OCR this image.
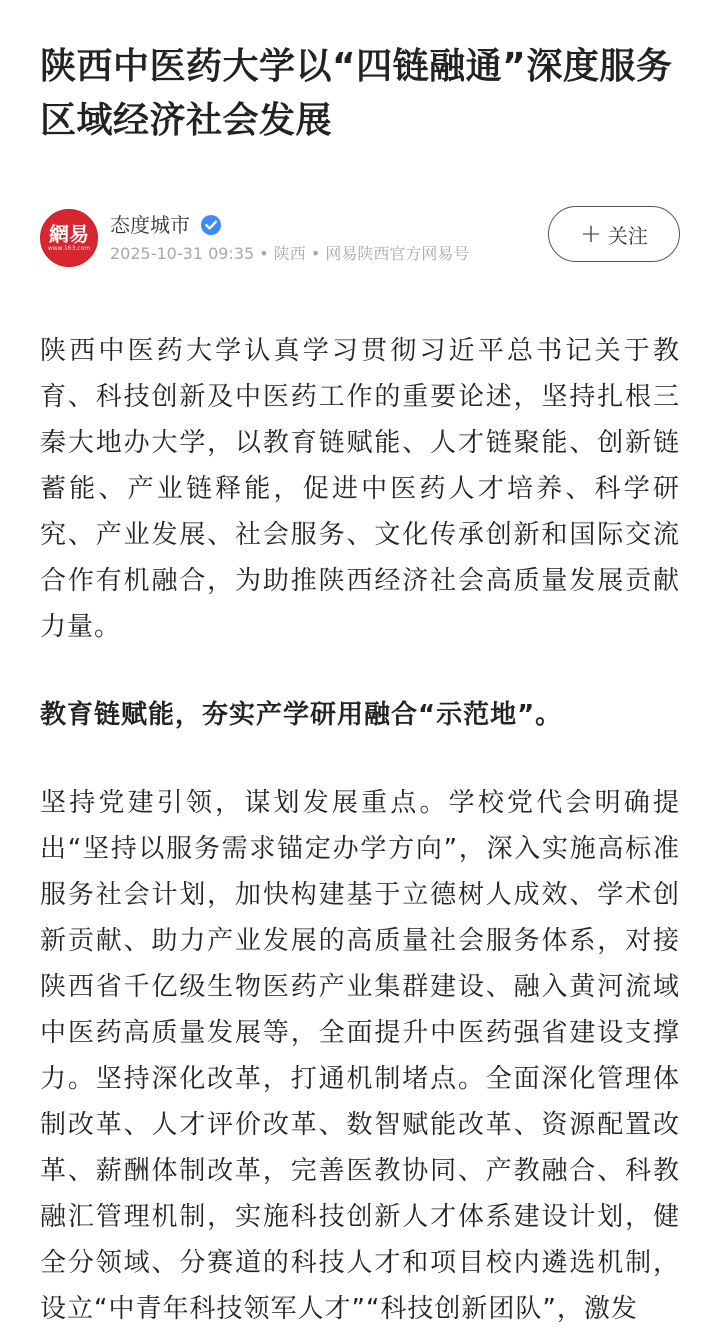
陕西中医药大学以“四链融通”深度服务区域经济社会发展
網易
www.163.com
态度城市
2025-10-31 09:35 • 陕西 • 网易陕西官方网易号
+ 关注

陕西中医药大学认真学习贯彻习近平总书记关于教育、科技创新及中医药工作的重要论述，坚持扎根三秦大地办大学，以教育链赋能、人才链聚能、创新链蓄能、产业链释能，促进中医药人才培养、科学研究、产业发展、社会服务、文化传承创新和国际交流合作有机融合，为助推陕西经济社会高质量发展贡献力量。

教育链赋能，夯实产学研用融合“示范地”。

坚持党建引领，谋划发展重点。学校党代会明确提出“坚持以服务需求锚定办学方向”，深入实施高标准服务社会计划，加快构建基于立德树人成效、学术创新贡献、助力产业发展的高质量社会服务体系，对接陕西省千亿级生物医药产业集群建设、融入黄河流域中医药高质量发展等，全面提升中医药强省建设支撑力。坚持深化改革，打通机制堵点。全面深化管理体制改革、人才评价改革、数智赋能改革、资源配置改革、薪酬体制改革，完善医教协同、产教融合、科教融汇管理机制，实施科技创新人才体系建设计划，健全分领域、分赛道的科技人才和项目校内遴选机制，设立“中青年科技领军人才”“科技创新团队”，激发
